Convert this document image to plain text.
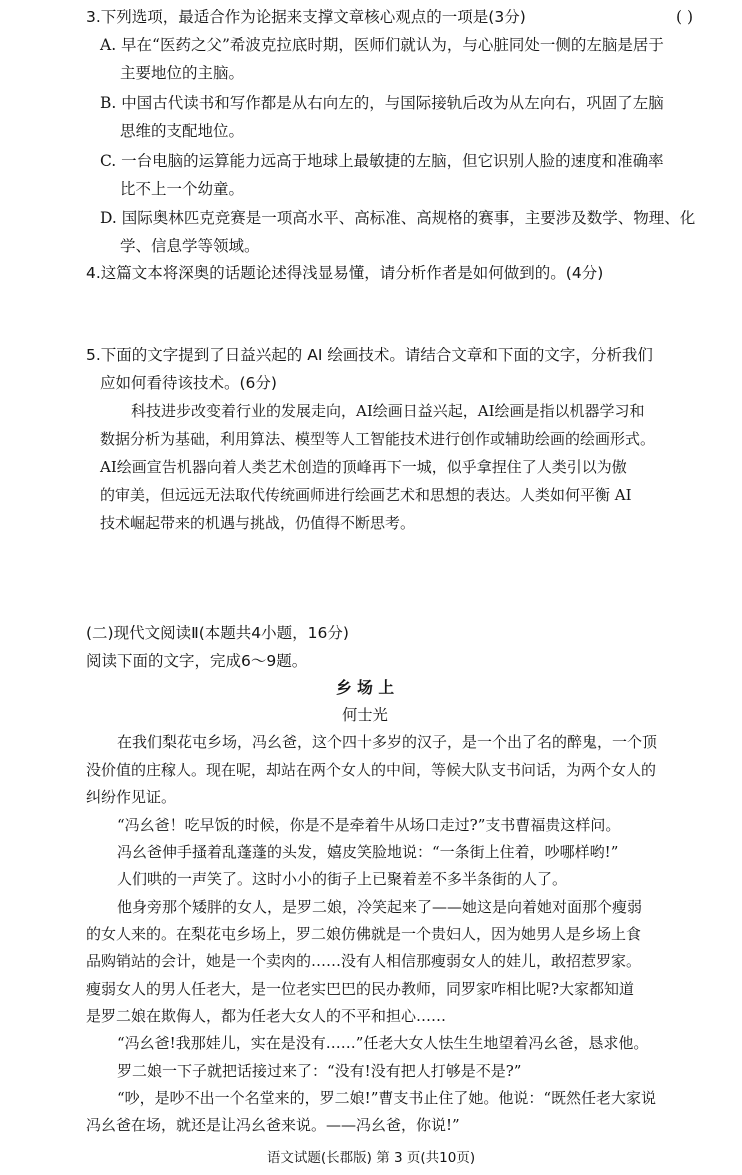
3.下列选项，最适合作为论据来支撑文章核心观点的一项是(3分)	( )
A. 早在“医药之父”希波克拉底时期，医师们就认为，与心脏同处一侧的左脑是居于
主要地位的主脑。
B. 中国古代读书和写作都是从右向左的，与国际接轨后改为从左向右，巩固了左脑
思维的支配地位。
C. 一台电脑的运算能力远高于地球上最敏捷的左脑，但它识别人脸的速度和准确率
比不上一个幼童。
D. 国际奥林匹克竞赛是一项高水平、高标准、高规格的赛事，主要涉及数学、物理、化
学、信息学等领域。
4.这篇文本将深奥的话题论述得浅显易懂，请分析作者是如何做到的。(4分)
5.下面的文字提到了日益兴起的 AI 绘画技术。请结合文章和下面的文字，分析我们
应如何看待该技术。(6分)
科技进步改变着行业的发展走向，AI绘画日益兴起，AI绘画是指以机器学习和
数据分析为基础，利用算法、模型等人工智能技术进行创作或辅助绘画的绘画形式。
AI绘画宣告机器向着人类艺术创造的顶峰再下一城，似乎拿捏住了人类引以为傲
的审美，但远远无法取代传统画师进行绘画艺术和思想的表达。人类如何平衡 AI
技术崛起带来的机遇与挑战，仍值得不断思考。
(二)现代文阅读Ⅱ(本题共4小题，16分)
阅读下面的文字，完成6～9题。
乡 场 上
何士光
在我们梨花屯乡场，冯幺爸，这个四十多岁的汉子，是一个出了名的醉鬼，一个顶
没价值的庄稼人。现在呢，却站在两个女人的中间，等候大队支书问话，为两个女人的
纠纷作见证。
“冯幺爸！吃早饭的时候，你是不是牵着牛从场口走过?”支书曹福贵这样问。
冯幺爸伸手搔着乱蓬蓬的头发，嬉皮笑脸地说：“一条街上住着，吵哪样哟!”
人们哄的一声笑了。这时小小的街子上已聚着差不多半条街的人了。
他身旁那个矮胖的女人，是罗二娘，冷笑起来了——她这是向着她对面那个瘦弱
的女人来的。在梨花屯乡场上，罗二娘仿佛就是一个贵妇人，因为她男人是乡场上食
品购销站的会计，她是一个卖肉的……没有人相信那瘦弱女人的娃儿，敢招惹罗家。
瘦弱女人的男人任老大，是一位老实巴巴的民办教师，同罗家咋相比呢?大家都知道
是罗二娘在欺侮人，都为任老大女人的不平和担心……
“冯幺爸!我那娃儿，实在是没有……”任老大女人怯生生地望着冯幺爸，恳求他。
罗二娘一下子就把话接过来了：“没有!没有把人打够是不是?”
“吵，是吵不出一个名堂来的，罗二娘!”曹支书止住了她。他说：“既然任老大家说
冯幺爸在场，就还是让冯幺爸来说。——冯幺爸，你说!”
语文试题(长郡版) 第 3 页(共10页)
